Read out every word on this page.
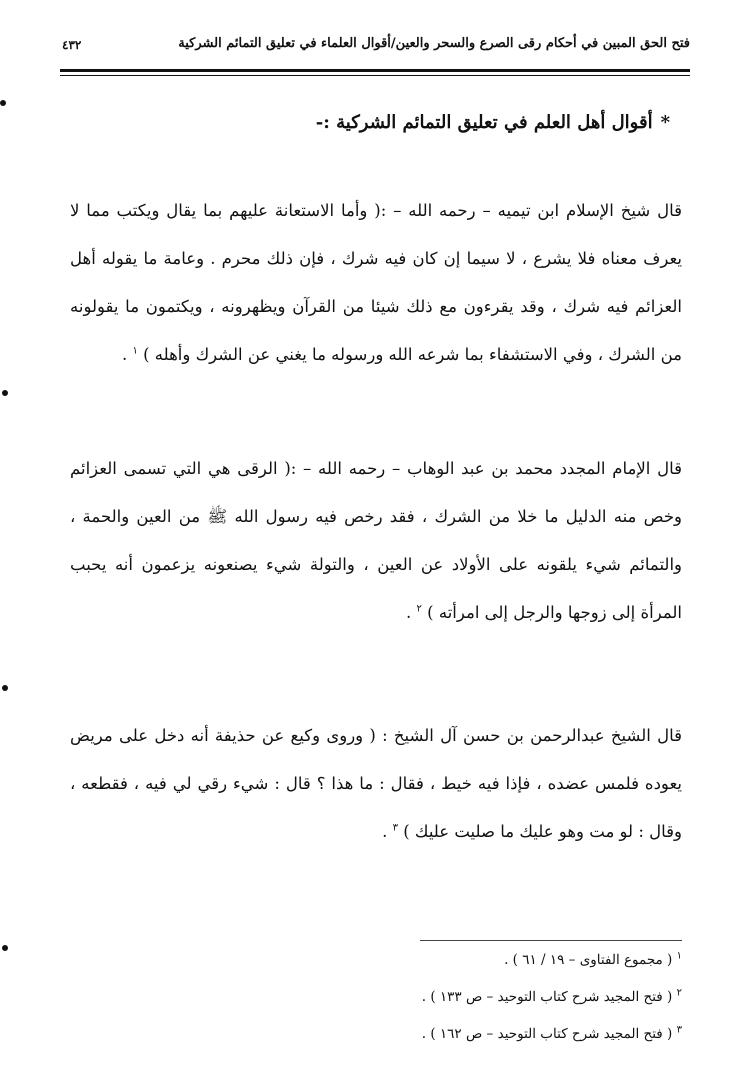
فتح الحق المبين في أحكام رقى الصرع والسحر والعين/أقوال العلماء في تعليق التمائم الشركية
٤٣٢
*أقوال أهل العلم في تعليق التمائم الشركية :-
قال شيخ الإسلام ابن تيميه – رحمه الله – :( وأما الاستعانة عليهم بما يقال ويكتب مما لا يعرف معناه فلا يشرع ، لا سيما إن كان فيه شرك ، فإن ذلك محرم . وعامة ما يقوله أهل العزائم فيه شرك ، وقد يقرءون مع ذلك شيئا من القرآن ويظهرونه ، ويكتمون ما يقولونه من الشرك ، وفي الاستشفاء بما شرعه الله ورسوله ما يغني عن الشرك وأهله ) $^١$ .
قال الإمام المجدد محمد بن عبد الوهاب – رحمه الله – :( الرقى هي التي تسمى العزائم وخص منه الدليل ما خلا من الشرك ، فقد رخص فيه رسول الله ﷺ من العين والحمة ، والتمائم شيء يلقونه على الأولاد عن العين ، والتولة شيء يصنعونه يزعمون أنه يحبب المرأة إلى زوجها والرجل إلى امرأته ) $^٢$ .
قال الشيخ عبدالرحمن بن حسن آل الشيخ : ( وروى وكيع عن حذيفة أنه دخل على مريض يعوده فلمس عضده ، فإذا فيه خيط ، فقال : ما هذا ؟ قال : شيء رقي لي فيه ، فقطعه ، وقال : لو مت وهو عليك ما صليت عليك ) $^٣$ .
$^١$ ( مجموع الفتاوى – ١٩ / ٦١ ) .
$^٢$ ( فتح المجيد شرح كتاب التوحيد – ص ١٣٣ ) .
$^٣$ ( فتح المجيد شرح كتاب التوحيد – ص ١٦٢ ) .
